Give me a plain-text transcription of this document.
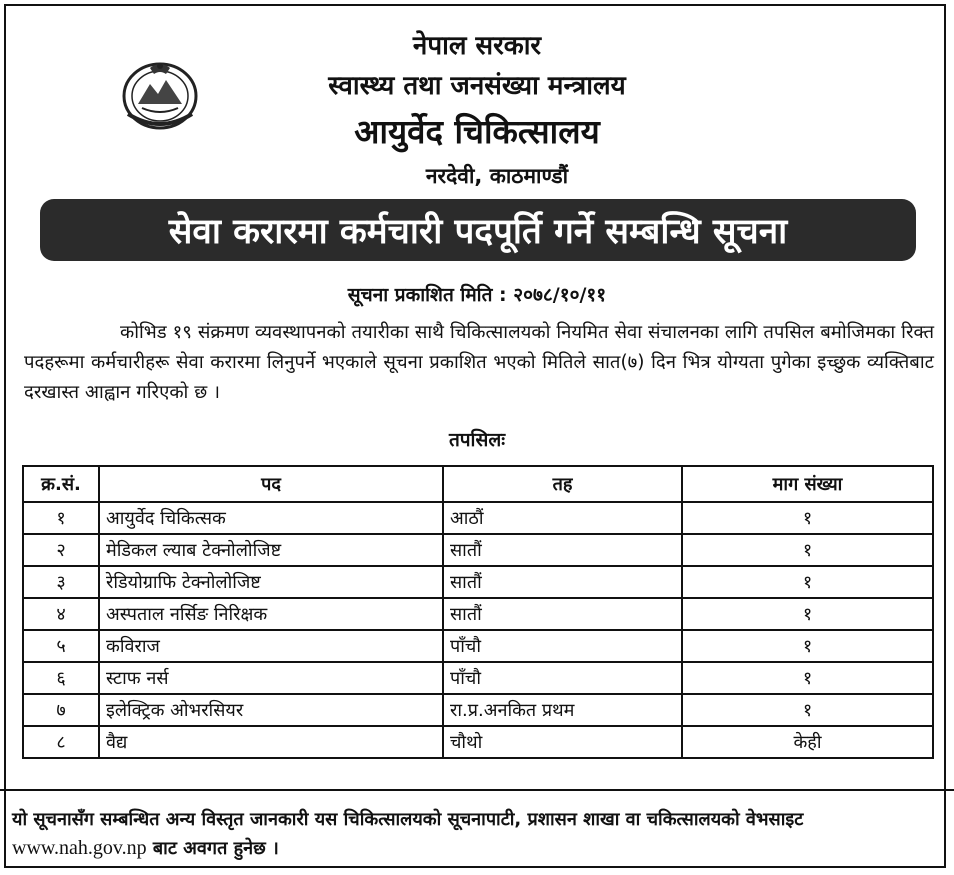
नेपाल सरकार
स्वास्थ्य तथा जनसंख्या मन्त्रालय
आयुर्वेद चिकित्सालय
नरदेवी, काठमाण्डौं
सेवा करारमा कर्मचारी पदपूर्ति गर्ने सम्बन्धि सूचना
सूचना प्रकाशित मिति : २०७८/१०/११
कोभिड १९ संक्रमण व्यवस्थापनको तयारीका साथै चिकित्सालयको नियमित सेवा संचालनका लागि तपसिल बमोजिमका रिक्त पदहरूमा कर्मचारीहरू सेवा करारमा लिनुपर्ने भएकाले सूचना प्रकाशित भएको मितिले सात(७) दिन भित्र योग्यता पुगेका इच्छुक व्यक्तिबाट दरखास्त आह्वान गरिएको छ ।
तपसिलः
क्र.सं.	पद	तह	माग संख्या
१	आयुर्वेद चिकित्सक	आठौं	१
२	मेडिकल ल्याब टेक्नोलोजिष्ट	सातौं	१
३	रेडियोग्राफि टेक्नोलोजिष्ट	सातौं	१
४	अस्पताल नर्सिङ निरिक्षक	सातौं	१
५	कविराज	पाँचौ	१
६	स्टाफ नर्स	पाँचौ	१
७	इलेक्ट्रिक ओभरसियर	रा.प्र.अनकित प्रथम	१
८	वैद्य	चौथो	केही
यो सूचनासँग सम्बन्धित अन्य विस्तृत जानकारी यस चिकित्सालयको सूचनापाटी, प्रशासन शाखा वा चकित्सालयको वेभसाइट www.nah.gov.np बाट अवगत हुनेछ ।
